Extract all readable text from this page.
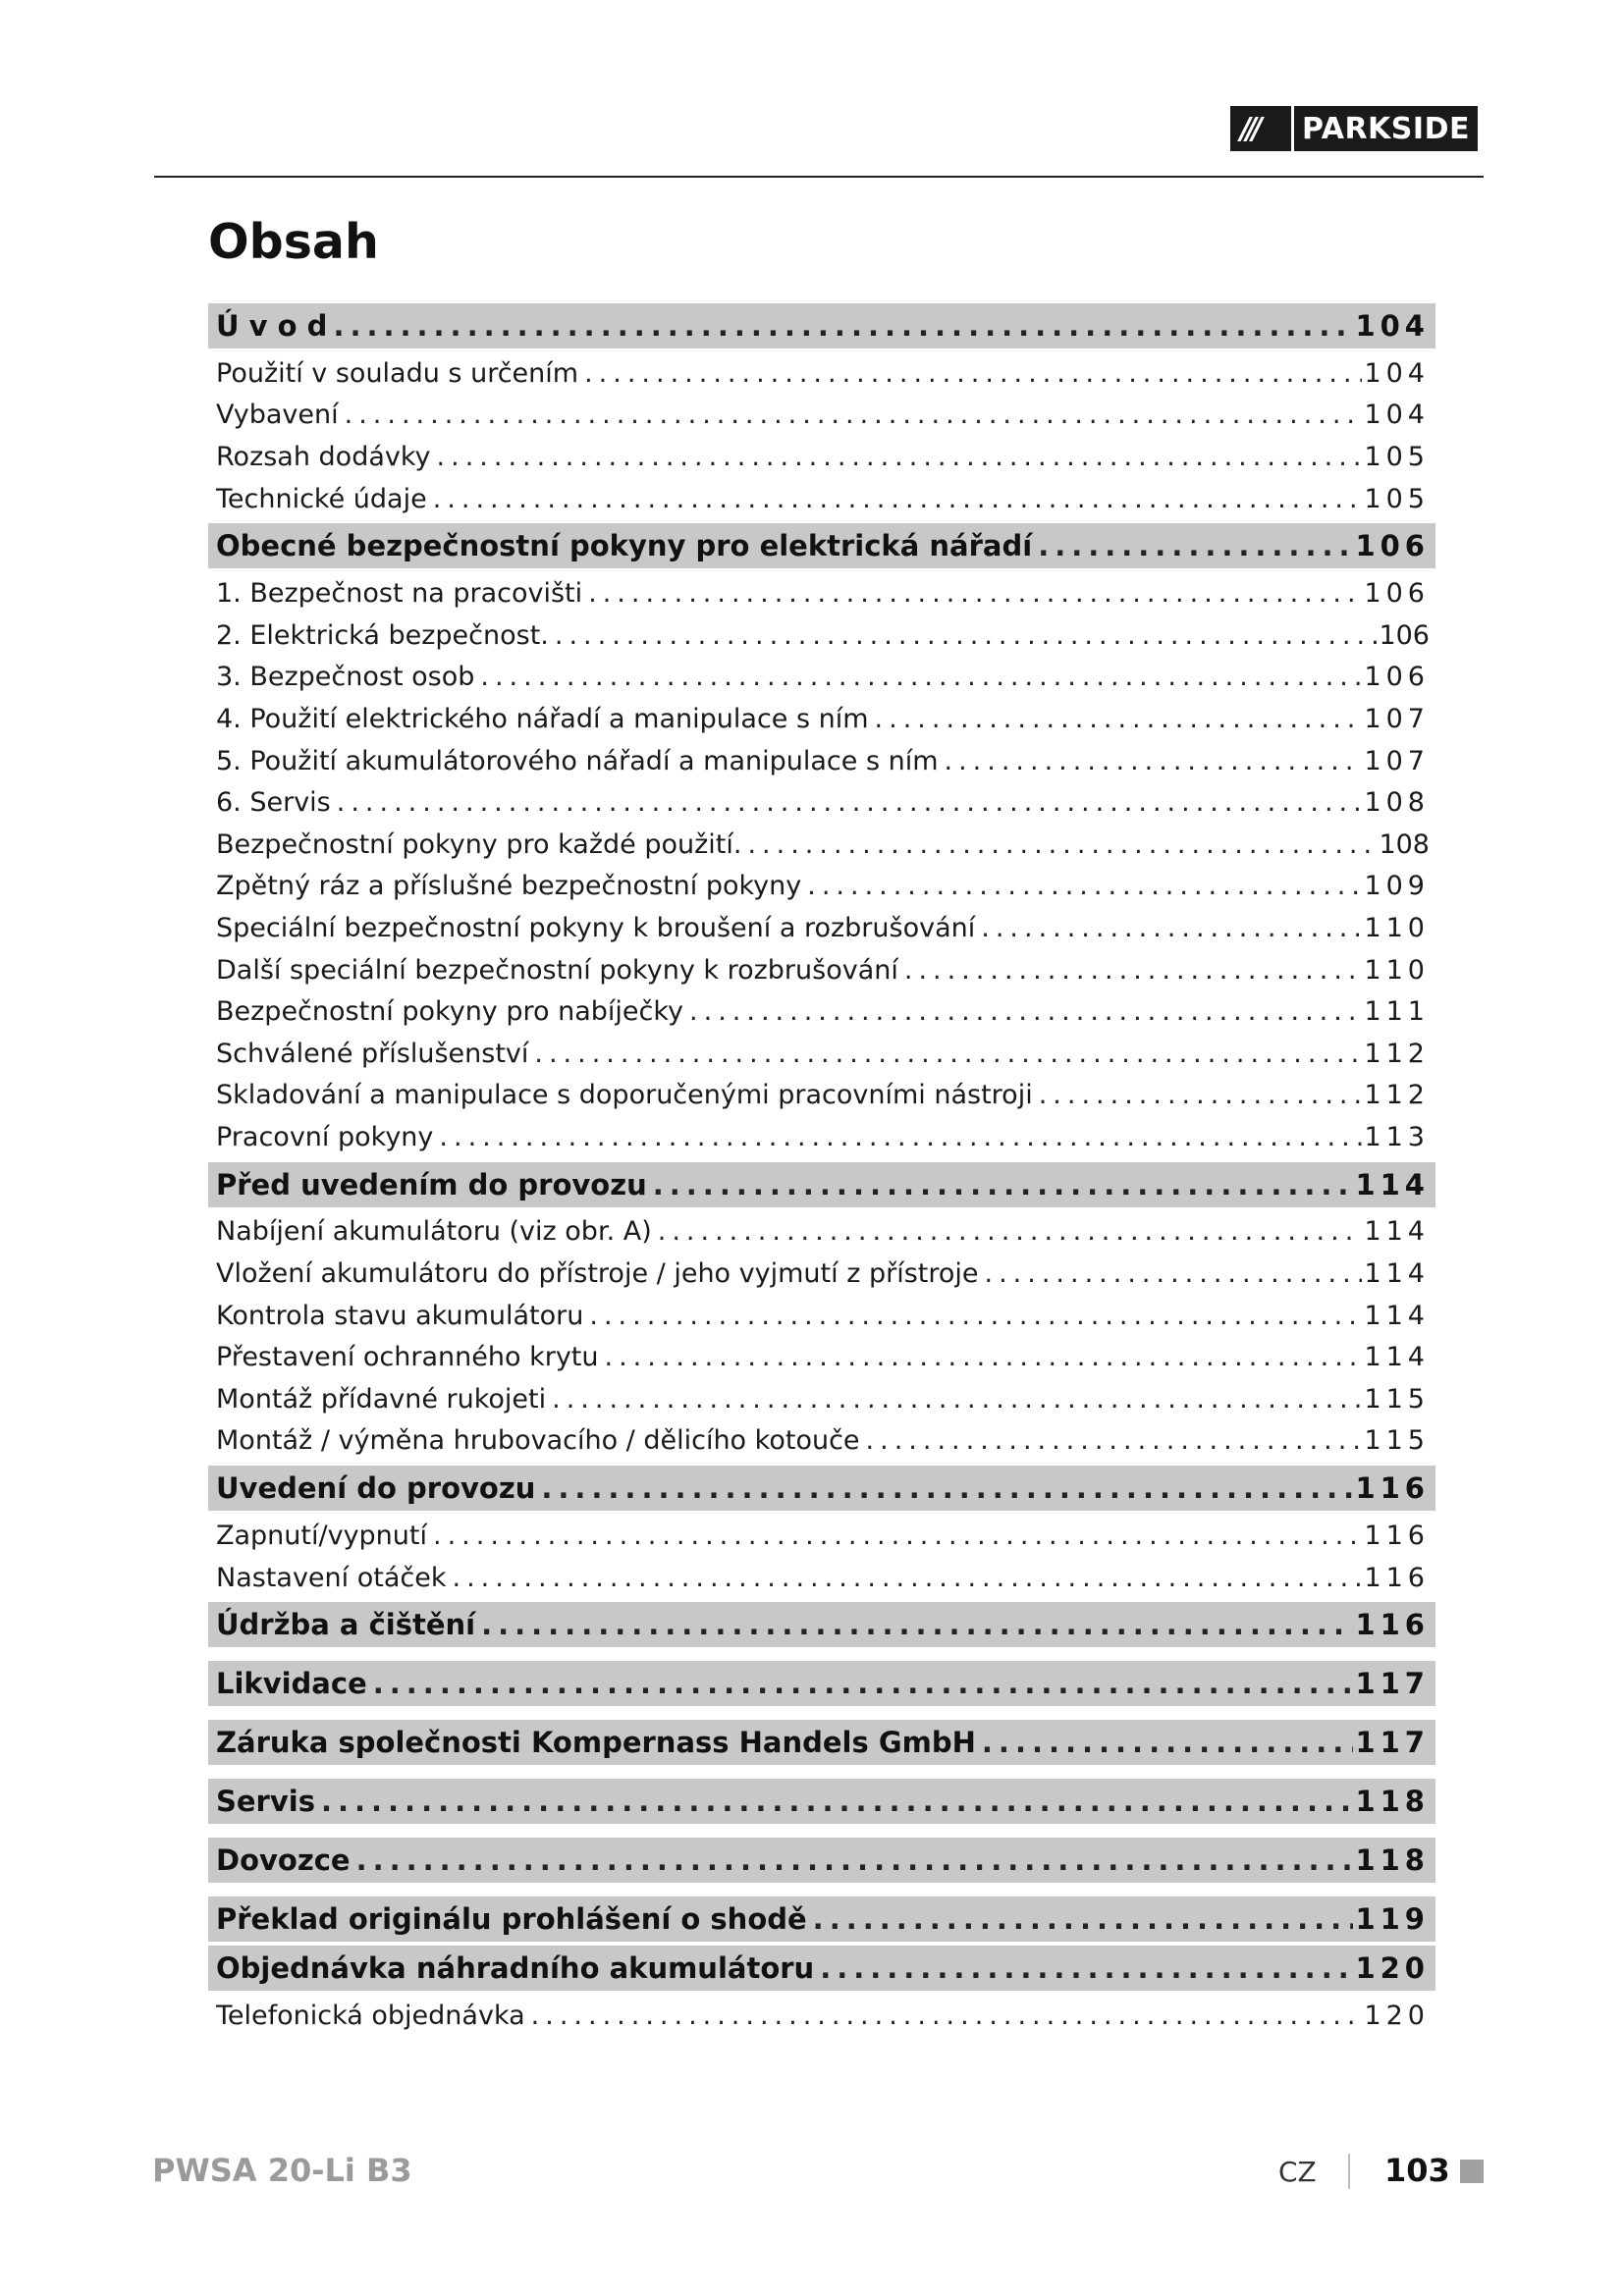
///	PARKSIDE
Obsah
Ú v o d .....	104
Použití v souladu s určením .....	104
Vybavení .....	104
Rozsah dodávky .....	105
Technické údaje .....	105
Obecné bezpečnostní pokyny pro elektrická nářadí .....	106
1. Bezpečnost na pracovišti .....	106
2. Elektrická bezpečnost. .....	106
3. Bezpečnost osob .....	106
4. Použití elektrického nářadí a manipulace s ním .....	107
5. Použití akumulátorového nářadí a manipulace s ním .....	107
6. Servis .....	108
Bezpečnostní pokyny pro každé použití. .....	108
Zpětný ráz a příslušné bezpečnostní pokyny .....	109
Speciální bezpečnostní pokyny k broušení a rozbrušování .....	110
Další speciální bezpečnostní pokyny k rozbrušování .....	110
Bezpečnostní pokyny pro nabíječky .....	111
Schválené příslušenství .....	112
Skladování a manipulace s doporučenými pracovními nástroji .....	112
Pracovní pokyny .....	113
Před uvedením do provozu .....	114
Nabíjení akumulátoru (viz obr. A) .....	114
Vložení akumulátoru do přístroje / jeho vyjmutí z přístroje .....	114
Kontrola stavu akumulátoru .....	114
Přestavení ochranného krytu .....	114
Montáž přídavné rukojeti .....	115
Montáž / výměna hrubovacího / dělicího kotouče .....	115
Uvedení do provozu .....	116
Zapnutí/vypnutí .....	116
Nastavení otáček .....	116
Údržba a čištění .....	116
Likvidace .....	117
Záruka společnosti Kompernass Handels GmbH .....	117
Servis .....	118
Dovozce .....	118
Překlad originálu prohlášení o shodě .....	119
Objednávka náhradního akumulátoru .....	120
Telefonická objednávka .....	120
PWSA 20-Li B3	CZ 103
